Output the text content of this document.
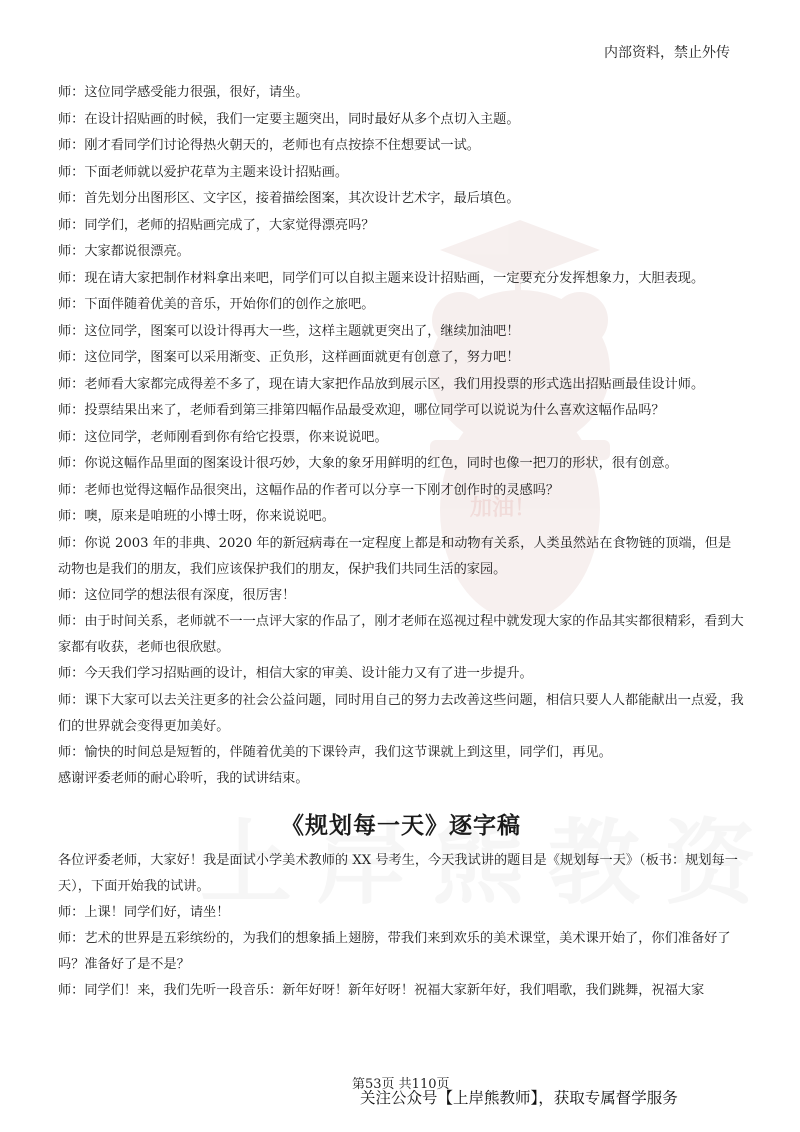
加油！
内部资料，禁止外传

师：这位同学感受能力很强，很好，请坐。

师：在设计招贴画的时候，我们一定要主题突出，同时最好从多个点切入主题。

师：刚才看同学们讨论得热火朝天的，老师也有点按捺不住想要试一试。

师：下面老师就以爱护花草为主题来设计招贴画。

师：首先划分出图形区、文字区，接着描绘图案，其次设计艺术字，最后填色。

师：同学们，老师的招贴画完成了，大家觉得漂亮吗？

师：大家都说很漂亮。

师：现在请大家把制作材料拿出来吧，同学们可以自拟主题来设计招贴画，一定要充分发挥想象力，大胆表现。

师：下面伴随着优美的音乐，开始你们的创作之旅吧。

师：这位同学，图案可以设计得再大一些，这样主题就更突出了，继续加油吧！

师：这位同学，图案可以采用渐变、正负形，这样画面就更有创意了，努力吧！

师：老师看大家都完成得差不多了，现在请大家把作品放到展示区，我们用投票的形式选出招贴画最佳设计师。

师：投票结果出来了，老师看到第三排第四幅作品最受欢迎，哪位同学可以说说为什么喜欢这幅作品吗？

师：这位同学，老师刚看到你有给它投票，你来说说吧。

师：你说这幅作品里面的图案设计很巧妙，大象的象牙用鲜明的红色，同时也像一把刀的形状，很有创意。

师：老师也觉得这幅作品很突出，这幅作品的作者可以分享一下刚才创作时的灵感吗？

师：噢，原来是咱班的小博士呀，你来说说吧。

师：你说 2003 年的非典、2020 年的新冠病毒在一定程度上都是和动物有关系，人类虽然站在食物链的顶端，但是动物也是我们的朋友，我们应该保护我们的朋友，保护我们共同生活的家园。

师：这位同学的想法很有深度，很厉害！

师：由于时间关系，老师就不一一点评大家的作品了，刚才老师在巡视过程中就发现大家的作品其实都很精彩，看到大家都有收获，老师也很欣慰。

师：今天我们学习招贴画的设计，相信大家的审美、设计能力又有了进一步提升。

师：课下大家可以去关注更多的社会公益问题，同时用自己的努力去改善这些问题，相信只要人人都能献出一点爱，我们的世界就会变得更加美好。

师：愉快的时间总是短暂的，伴随着优美的下课铃声，我们这节课就上到这里，同学们，再见。

感谢评委老师的耐心聆听，我的试讲结束。

《规划每一天》逐字稿

各位评委老师，大家好！我是面试小学美术教师的 XX 号考生，今天我试讲的题目是《规划每一天》（板书：规划每一天），下面开始我的试讲。

师：上课！同学们好，请坐！

师：艺术的世界是五彩缤纷的，为我们的想象插上翅膀，带我们来到欢乐的美术课堂，美术课开始了，你们准备好了吗？准备好了是不是？

师：同学们！来，我们先听一段音乐：新年好呀！新年好呀！祝福大家新年好，我们唱歌，我们跳舞，祝福大家

第53页 共110页
关注公众号【上岸熊教师】，获取专属督学服务
